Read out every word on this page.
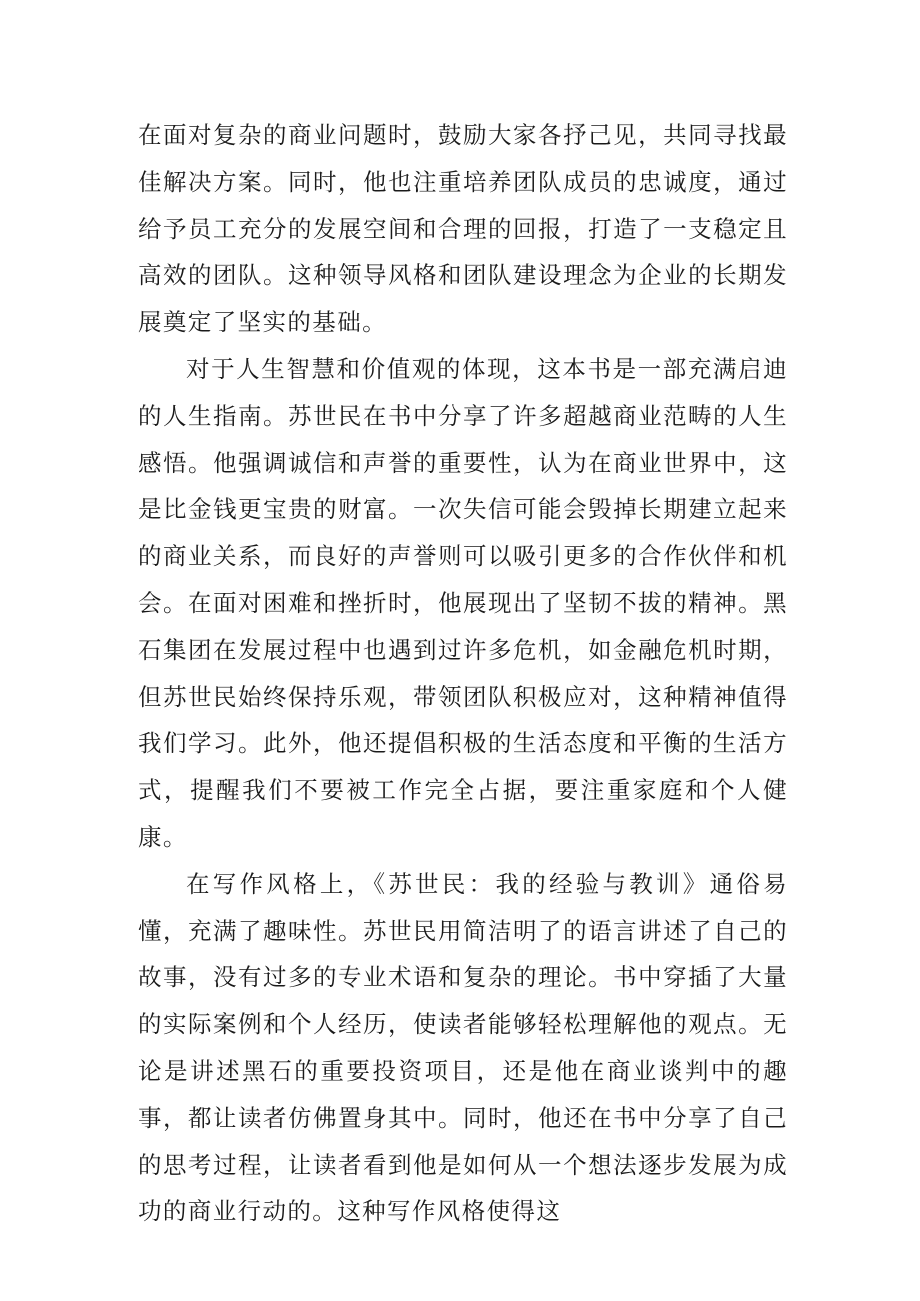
在面对复杂的商业问题时，鼓励大家各抒己见，共同寻找最佳解决方案。同时，他也注重培养团队成员的忠诚度，通过给予员工充分的发展空间和合理的回报，打造了一支稳定且高效的团队。这种领导风格和团队建设理念为企业的长期发展奠定了坚实的基础。

对于人生智慧和价值观的体现，这本书是一部充满启迪的人生指南。苏世民在书中分享了许多超越商业范畴的人生感悟。他强调诚信和声誉的重要性，认为在商业世界中，这是比金钱更宝贵的财富。一次失信可能会毁掉长期建立起来的商业关系，而良好的声誉则可以吸引更多的合作伙伴和机会。在面对困难和挫折时，他展现出了坚韧不拔的精神。黑石集团在发展过程中也遇到过许多危机，如金融危机时期，但苏世民始终保持乐观，带领团队积极应对，这种精神值得我们学习。此外，他还提倡积极的生活态度和平衡的生活方式，提醒我们不要被工作完全占据，要注重家庭和个人健康。

在写作风格上，《苏世民：我的经验与教训》通俗易懂，充满了趣味性。苏世民用简洁明了的语言讲述了自己的故事，没有过多的专业术语和复杂的理论。书中穿插了大量的实际案例和个人经历，使读者能够轻松理解他的观点。无论是讲述黑石的重要投资项目，还是他在商业谈判中的趣事，都让读者仿佛置身其中。同时，他还在书中分享了自己的思考过程，让读者看到他是如何从一个想法逐步发展为成功的商业行动的。这种写作风格使得这
